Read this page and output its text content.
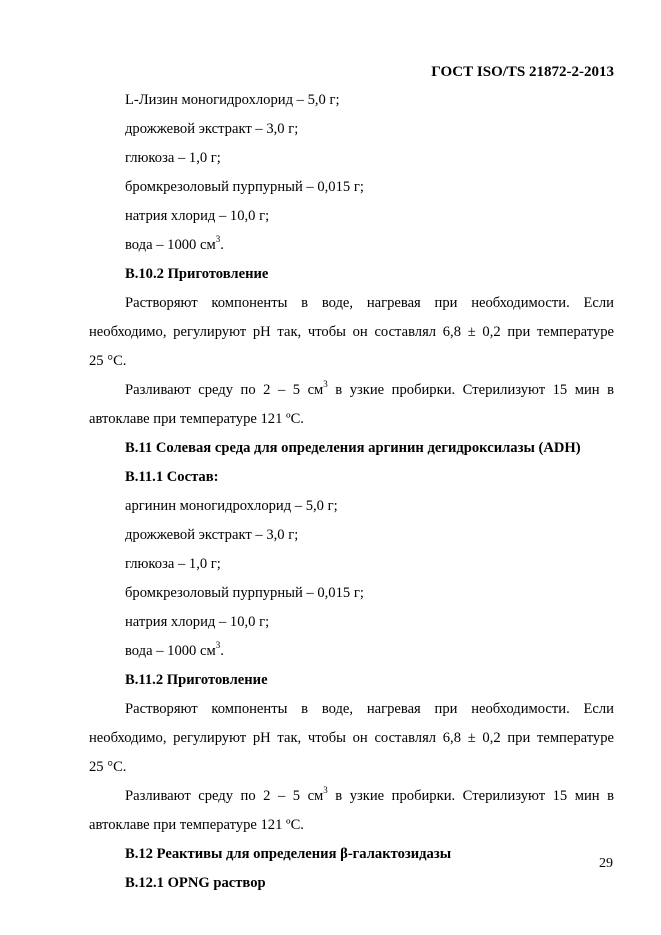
ГОСТ ISO/TS 21872-2-2013
L-Лизин моногидрохлорид – 5,0 г;
дрожжевой экстракт – 3,0 г;
глюкоза – 1,0 г;
бромкрезоловый пурпурный – 0,015 г;
натрия хлорид – 10,0 г;
вода – 1000 $см^3$.
В.10.2 Приготовление
Растворяют компоненты в воде, нагревая при необходимости. Если
необходимо, регулируют рН так, чтобы он составлял 6,8 ± 0,2 при температуре
25 °С.
Разливают среду по 2 – 5 $см^3$ в узкие пробирки. Стерилизуют 15 мин в
автоклаве при температуре 121 ºС.
В.11 Солевая среда для определения аргинин дегидроксилазы (ADH)
В.11.1 Состав:
аргинин моногидрохлорид – 5,0 г;
дрожжевой экстракт – 3,0 г;
глюкоза – 1,0 г;
бромкрезоловый пурпурный – 0,015 г;
натрия хлорид – 10,0 г;
вода – 1000 $см^3$.
В.11.2 Приготовление
Растворяют компоненты в воде, нагревая при необходимости. Если
необходимо, регулируют рН так, чтобы он составлял 6,8 ± 0,2 при температуре
25 °С.
Разливают среду по 2 – 5 $см^3$ в узкие пробирки. Стерилизуют 15 мин в
автоклаве при температуре 121 ºС.
В.12 Реактивы для определения β-галактозидазы
В.12.1 OPNG раствор
29
